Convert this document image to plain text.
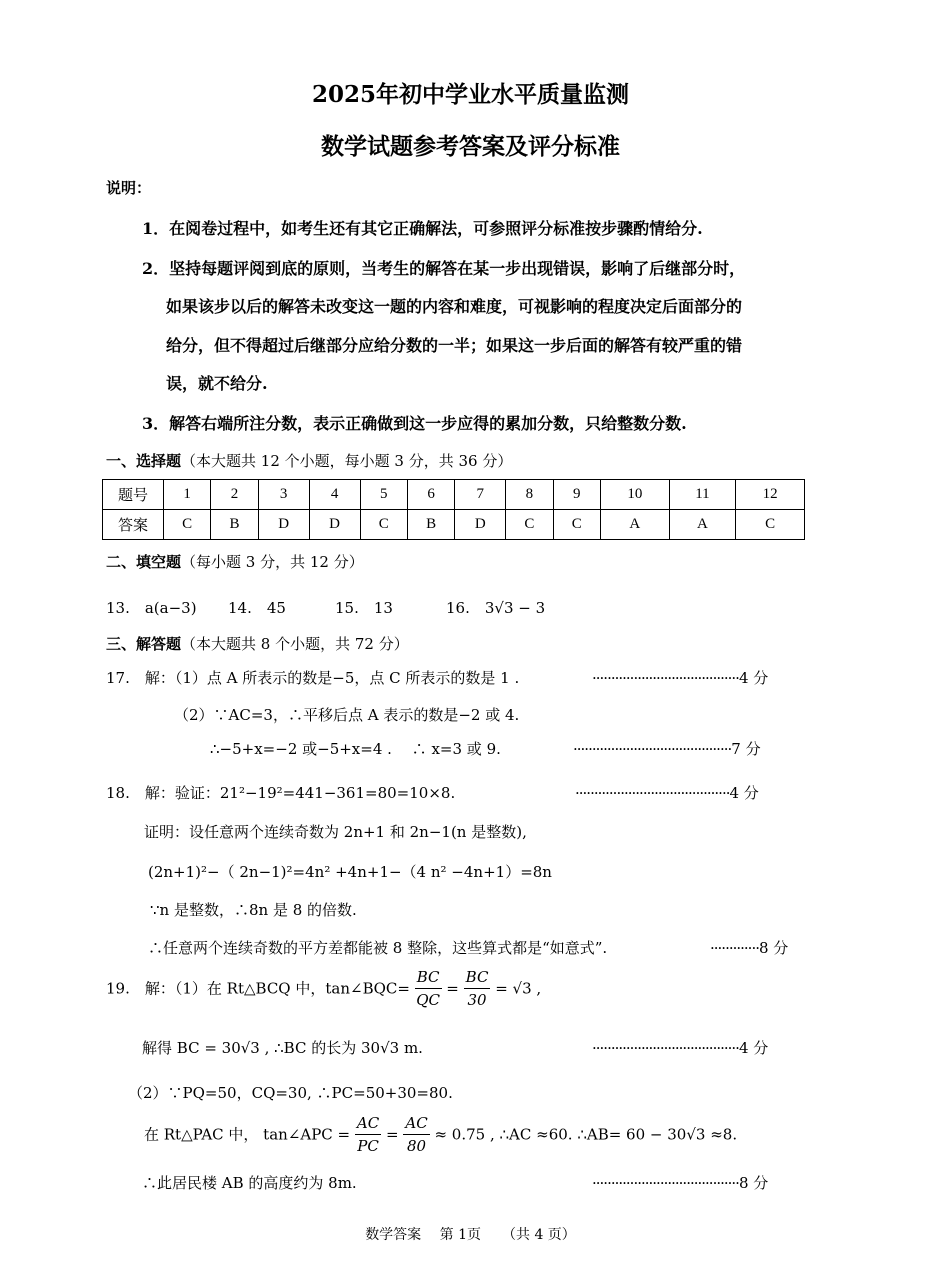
2025年初中学业水平质量监测
数学试题参考答案及评分标准
说明：
1．在阅卷过程中，如考生还有其它正确解法，可参照评分标准按步骤酌情给分.
2．坚持每题评阅到底的原则，当考生的解答在某一步出现错误，影响了后继部分时，
如果该步以后的解答未改变这一题的内容和难度，可视影响的程度决定后面部分的
给分，但不得超过后继部分应给分数的一半；如果这一步后面的解答有较严重的错
误，就不给分.
3．解答右端所注分数，表示正确做到这一步应得的累加分数，只给整数分数.
一、选择题（本大题共 12 个小题，每小题 3 分，共 36 分）
题号	1	2	3	4	5	6	7	8	9	10	11	12
答案	C	B	D	D	C	B	D	C	C	A	A	C
二、填空题（每小题 3 分，共 12 分）
13.　a(a−3) 14.　45	15.　13	16.　3√3 − 3
三、解答题（本大题共 8 个小题，共 72 分）
17.　解：（1）点 A 所表示的数是−5，点 C 所表示的数是 1 .	·······································4 分
（2）∵AC=3，∴平移后点 A 表示的数是−2 或 4.
∴−5+x=−2 或−5+x=4 .　 ∴ x=3 或 9.	··········································7 分
18.　解：验证：21²−19²=441−361=80=10×8.	·········································4 分
证明：设任意两个连续奇数为 2n+1 和 2n−1(n 是整数),
(2n+1)²−（ 2n−1)²=4n² +4n+1−（4 n² −4n+1）=8n
∵n 是整数，∴8n 是 8 的倍数.
∴任意两个连续奇数的平方差都能被 8 整除，这些算式都是“如意式”.	·············8 分
19.　解：（1）在 Rt△BCQ 中，tan∠BQC= $\frac{BC}{QC} = \frac{BC}{30} = √3$ ,
解得 BC = 30√3 , ∴BC 的长为 30√3 m.	·······································4 分
（2）∵PQ=50，CQ=30, ∴PC=50+30=80.
在 Rt△PAC 中， tan∠APC = $\frac{AC}{PC} = \frac{AC}{80} \approx 0.75$ , ∴AC ≈60. ∴AB= 60 − 30√3 ≈8.
∴此居民楼 AB 的高度约为 8m.	·······································8 分
数学答案　 第 1页　　（共 4 页）
